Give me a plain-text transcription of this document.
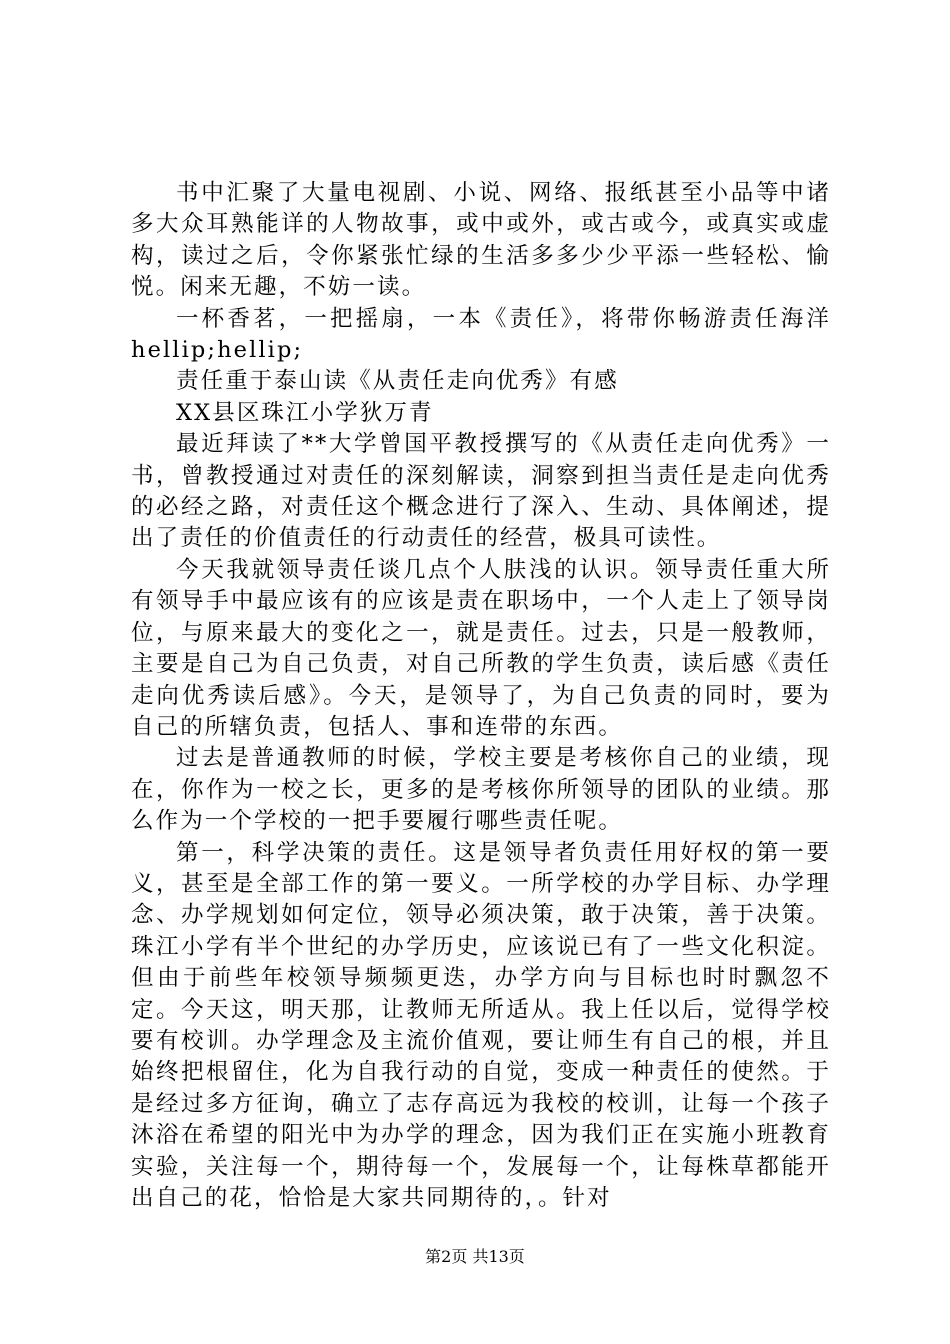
书中汇聚了大量电视剧、小说、网络、报纸甚至小品等中诸多大众耳熟能详的人物故事，或中或外，或古或今，或真实或虚构，读过之后，令你紧张忙绿的生活多多少少平添一些轻松、愉悦。闲来无趣，不妨一读。

一杯香茗，一把摇扇，一本《责任》，将带你畅游责任海洋hellip;hellip;

责任重于泰山读《从责任走向优秀》有感

XX县区珠江小学狄万青

最近拜读了**大学曾国平教授撰写的《从责任走向优秀》一书，曾教授通过对责任的深刻解读，洞察到担当责任是走向优秀的必经之路，对责任这个概念进行了深入、生动、具体阐述，提出了责任的价值责任的行动责任的经营，极具可读性。

今天我就领导责任谈几点个人肤浅的认识。领导责任重大所有领导手中最应该有的应该是责在职场中，一个人走上了领导岗位，与原来最大的变化之一，就是责任。过去，只是一般教师，主要是自己为自己负责，对自己所教的学生负责，读后感《责任走向优秀读后感》。今天，是领导了，为自己负责的同时，要为自己的所辖负责，包括人、事和连带的东西。

过去是普通教师的时候，学校主要是考核你自己的业绩，现在，你作为一校之长，更多的是考核你所领导的团队的业绩。那么作为一个学校的一把手要履行哪些责任呢。

第一，科学决策的责任。这是领导者负责任用好权的第一要义，甚至是全部工作的第一要义。一所学校的办学目标、办学理念、办学规划如何定位，领导必须决策，敢于决策，善于决策。珠江小学有半个世纪的办学历史，应该说已有了一些文化积淀。但由于前些年校领导频频更迭，办学方向与目标也时时飘忽不定。今天这，明天那，让教师无所适从。我上任以后，觉得学校要有校训。办学理念及主流价值观，要让师生有自己的根，并且始终把根留住，化为自我行动的自觉，变成一种责任的使然。于是经过多方征询，确立了志存高远为我校的校训，让每一个孩子沐浴在希望的阳光中为办学的理念，因为我们正在实施小班教育实验，关注每一个，期待每一个，发展每一个，让每株草都能开出自己的花，恰恰是大家共同期待的，。针对

第2页 共13页
